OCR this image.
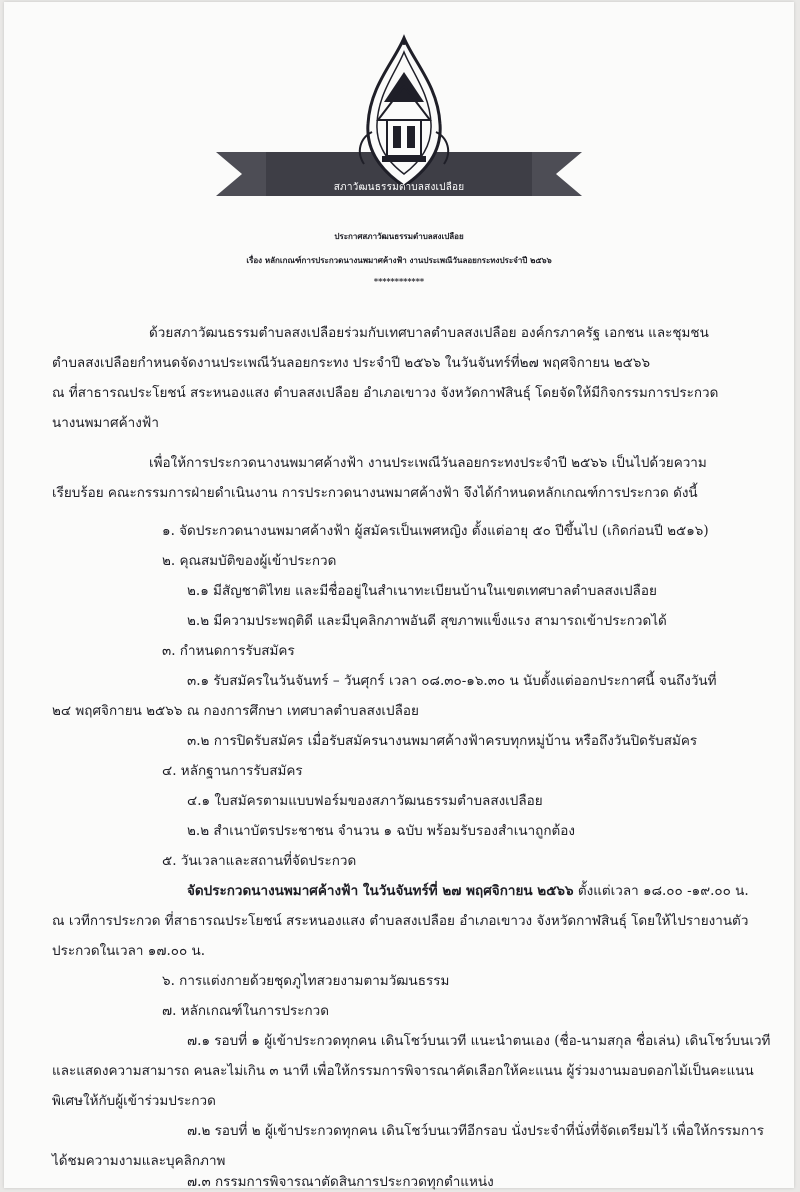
สภาวัฒนธรรมตำบลสงเปลือย
ประกาศสภาวัฒนธรรมตำบลสงเปลือย
เรื่อง หลักเกณฑ์การประกวดนางนพมาศค้างฟ้า งานประเพณีวันลอยกระทงประจำปี ๒๕๖๖
************
ด้วยสภาวัฒนธรรมตำบลสงเปลือยร่วมกับเทศบาลตำบลสงเปลือย องค์กรภาครัฐ เอกชน และชุมชน
ตำบลสงเปลือยกำหนดจัดงานประเพณีวันลอยกระทง ประจำปี ๒๕๖๖ ในวันจันทร์ที่๒๗ พฤศจิกายน ๒๕๖๖
ณ ที่สาธารณประโยชน์ สระหนองแสง ตำบลสงเปลือย อำเภอเขาวง จังหวัดกาฬสินธุ์ โดยจัดให้มีกิจกรรมการประกวด
นางนพมาศค้างฟ้า
เพื่อให้การประกวดนางนพมาศค้างฟ้า งานประเพณีวันลอยกระทงประจำปี ๒๕๖๖ เป็นไปด้วยความ
เรียบร้อย คณะกรรมการฝ่ายดำเนินงาน การประกวดนางนพมาศค้างฟ้า จึงได้กำหนดหลักเกณฑ์การประกวด ดังนี้
๑. จัดประกวดนางนพมาศค้างฟ้า ผู้สมัครเป็นเพศหญิง ตั้งแต่อายุ ๕๐ ปีขึ้นไป (เกิดก่อนปี ๒๕๑๖)
๒. คุณสมบัติของผู้เข้าประกวด
๒.๑ มีสัญชาติไทย และมีชื่ออยู่ในสำเนาทะเบียนบ้านในเขตเทศบาลตำบลสงเปลือย
๒.๒ มีความประพฤติดี และมีบุคลิกภาพอันดี สุขภาพแข็งแรง สามารถเข้าประกวดได้
๓. กำหนดการรับสมัคร
๓.๑ รับสมัครในวันจันทร์ – วันศุกร์ เวลา ๐๘.๓๐-๑๖.๓๐ น นับตั้งแต่ออกประกาศนี้ จนถึงวันที่
๒๔ พฤศจิกายน ๒๕๖๖ ณ กองการศึกษา เทศบาลตำบลสงเปลือย
๓.๒ การปิดรับสมัคร เมื่อรับสมัครนางนพมาศค้างฟ้าครบทุกหมู่บ้าน หรือถึงวันปิดรับสมัคร
๔. หลักฐานการรับสมัคร
๔.๑ ใบสมัครตามแบบฟอร์มของสภาวัฒนธรรมตำบลสงเปลือย
๒.๒ สำเนาบัตรประชาชน จำนวน ๑ ฉบับ พร้อมรับรองสำเนาถูกต้อง
๕. วันเวลาและสถานที่จัดประกวด
จัดประกวดนางนพมาศค้างฟ้า ในวันจันทร์ที่ ๒๗ พฤศจิกายน ๒๕๖๖ ตั้งแต่เวลา ๑๘.๐๐ -๑๙.๐๐ น.
ณ เวทีการประกวด ที่สาธารณประโยชน์ สระหนองแสง ตำบลสงเปลือย อำเภอเขาวง จังหวัดกาฬสินธุ์ โดยให้ไปรายงานตัว
ประกวดในเวลา ๑๗.๐๐ น.
๖. การแต่งกายด้วยชุดภูไทสวยงามตามวัฒนธรรม
๗. หลักเกณฑ์ในการประกวด
๗.๑ รอบที่ ๑ ผู้เข้าประกวดทุกคน เดินโชว์บนเวที แนะนำตนเอง (ชื่อ-นามสกุล ชื่อเล่น) เดินโชว์บนเวที
และแสดงความสามารถ คนละไม่เกิน ๓ นาที เพื่อให้กรรมการพิจารณาคัดเลือกให้คะแนน ผู้ร่วมงานมอบดอกไม้เป็นคะแนน
พิเศษให้กับผู้เข้าร่วมประกวด
๗.๒ รอบที่ ๒ ผู้เข้าประกวดทุกคน เดินโชว์บนเวทีอีกรอบ นั่งประจำที่นั่งที่จัดเตรียมไว้ เพื่อให้กรรมการ
ได้ชมความงามและบุคลิกภาพ
๗.๓ กรรมการพิจารณาตัดสินการประกวดทุกตำแหน่ง
